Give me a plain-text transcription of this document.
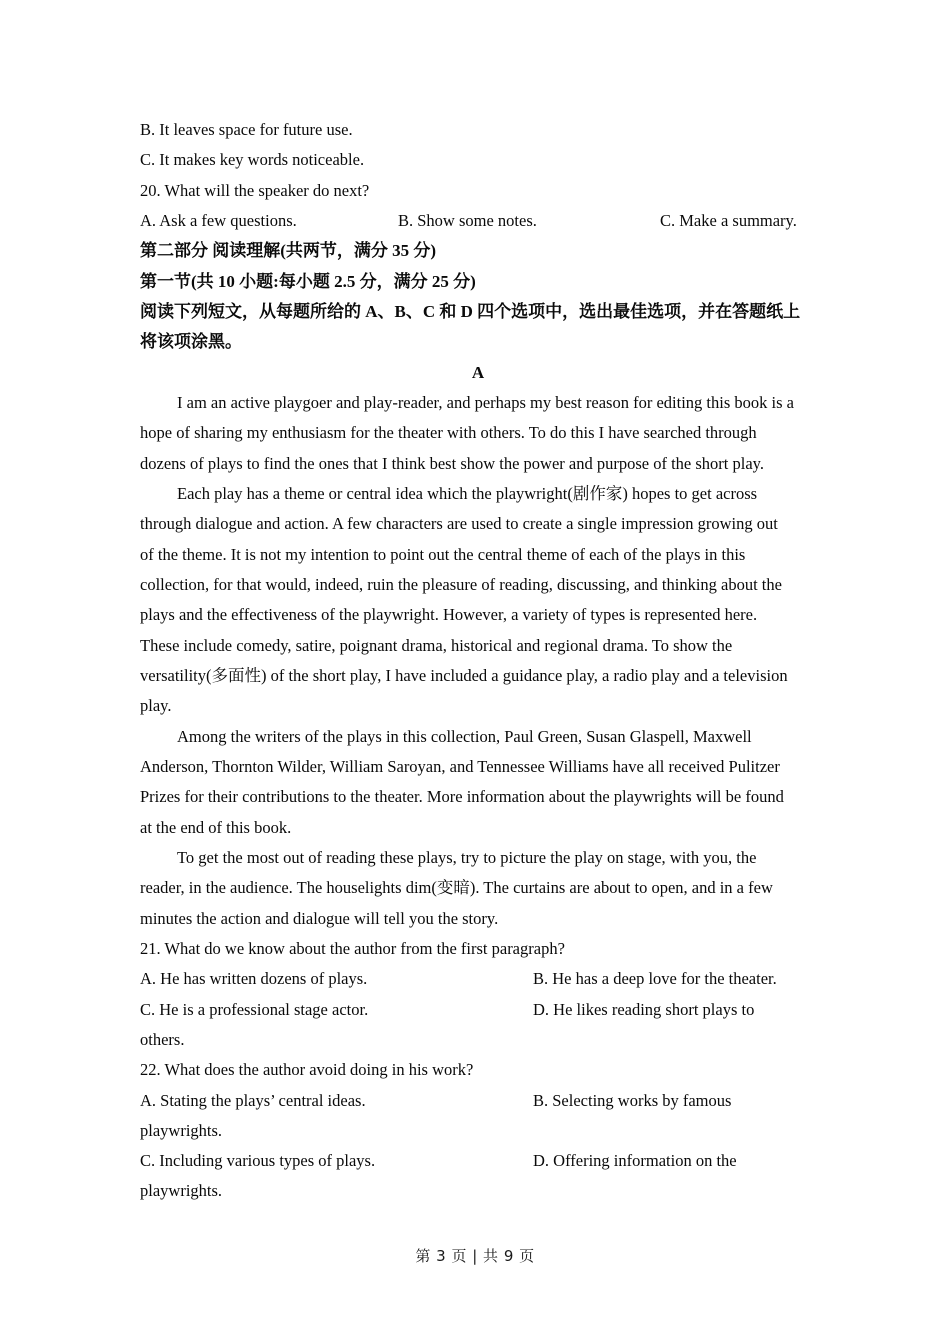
B. It leaves space for future use.
C. It makes key words noticeable.
20. What will the speaker do next?
A. Ask a few questions.	B. Show some notes.	C. Make a summary.
第二部分 阅读理解(共两节，满分 35 分)
第一节(共 10 小题:每小题 2.5 分，满分 25 分)
阅读下列短文，从每题所给的 A、B、C 和 D 四个选项中，选出最佳选项，并在答题纸上
将该项涂黑。
A
I am an active playgoer and play-reader, and perhaps my best reason for editing this book is a
hope of sharing my enthusiasm for the theater with others. To do this I have searched through
dozens of plays to find the ones that I think best show the power and purpose of the short play.
Each play has a theme or central idea which the playwright(剧作家) hopes to get across
through dialogue and action. A few characters are used to create a single impression growing out
of the theme. It is not my intention to point out the central theme of each of the plays in this
collection, for that would, indeed, ruin the pleasure of reading, discussing, and thinking about the
plays and the effectiveness of the playwright. However, a variety of types is represented here.
These include comedy, satire, poignant drama, historical and regional drama. To show the
versatility(多面性) of the short play, I have included a guidance play, a radio play and a television
play.
Among the writers of the plays in this collection, Paul Green, Susan Glaspell, Maxwell
Anderson, Thornton Wilder, William Saroyan, and Tennessee Williams have all received Pulitzer
Prizes for their contributions to the theater. More information about the playwrights will be found
at the end of this book.
To get the most out of reading these plays, try to picture the play on stage, with you, the
reader, in the audience. The houselights dim(变暗). The curtains are about to open, and in a few
minutes the action and dialogue will tell you the story.
21. What do we know about the author from the first paragraph?
A. He has written dozens of plays.	B. He has a deep love for the theater.
C. He is a professional stage actor.	D. He likes reading short plays to
others.
22. What does the author avoid doing in his work?
A. Stating the plays’ central ideas.	B. Selecting works by famous
playwrights.
C. Including various types of plays.	D. Offering information on the
playwrights.
第 3 页 | 共 9 页
